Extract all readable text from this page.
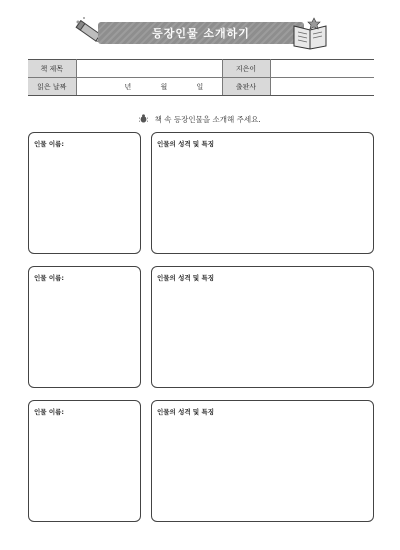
등장인물 소개하기
책 제목		지은이	
읽은 날짜	년 월 일	출판사	
책 속 등장인물을 소개해 주세요.
인물 이름:	인물의 성격 및 특징
인물 이름:	인물의 성격 및 특징
인물 이름:	인물의 성격 및 특징
